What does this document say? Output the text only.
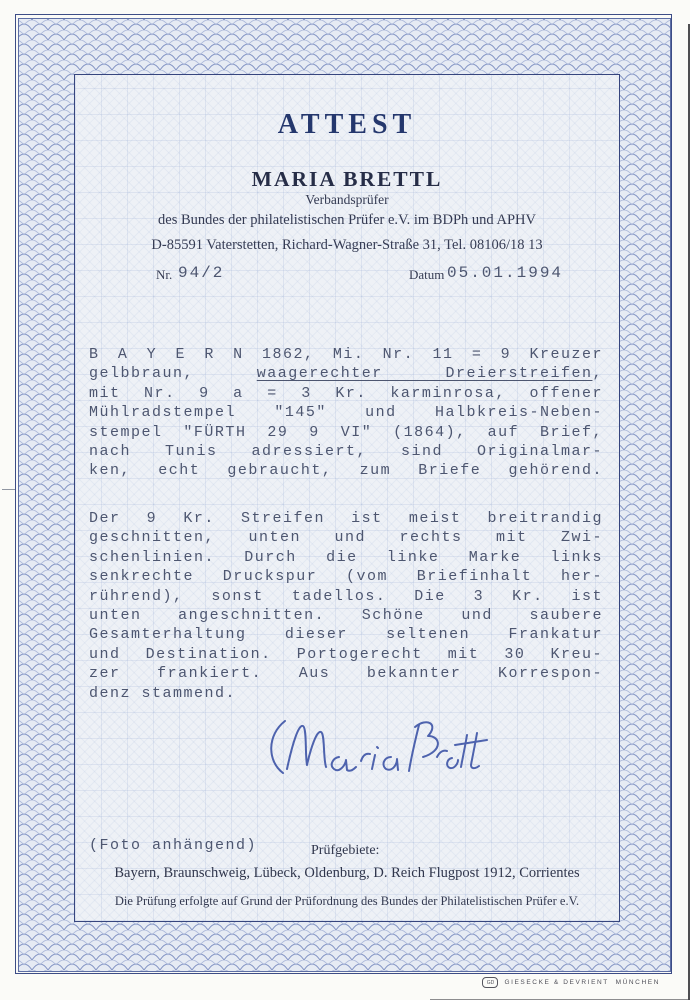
ATTEST
MARIA BRETTL
Verbandsprüfer
des Bundes der philatelistischen Prüfer e.V. im BDPh und APHV
D-85591 Vaterstetten, Richard-Wagner-Straße 31, Tel. 08106/18 13
Nr. 94/2	Datum 05.01.1994
B A Y E R N 1862, Mi. Nr. 11 = 9 Kreuzer
gelbbraun, waagerechter Dreierstreifen,
mit Nr. 9 a = 3 Kr. karminrosa, offener
Mühlradstempel "145" und Halbkreis-Neben-
stempel "FÜRTH 29 9 VI" (1864), auf Brief,
nach Tunis adressiert, sind Originalmar-
ken, echt gebraucht, zum Briefe gehörend.
Der 9 Kr. Streifen ist meist breitrandig
geschnitten, unten und rechts mit Zwi-
schenlinien. Durch die linke Marke links
senkrechte Druckspur (vom Briefinhalt her-
rührend), sonst tadellos. Die 3 Kr. ist
unten angeschnitten. Schöne und saubere
Gesamterhaltung dieser seltenen Frankatur
und Destination. Portogerecht mit 30 Kreu-
zer frankiert. Aus bekannter Korrespon-
denz stammend.
(Foto anhängend)	Prüfgebiete:
Bayern, Braunschweig, Lübeck, Oldenburg, D. Reich Flugpost 1912, Corrientes
Die Prüfung erfolgte auf Grund der Prüfordnung des Bundes der Philatelistischen Prüfer e.V.
GD	GIESECKE & DEVRIENT  MÜNCHEN
